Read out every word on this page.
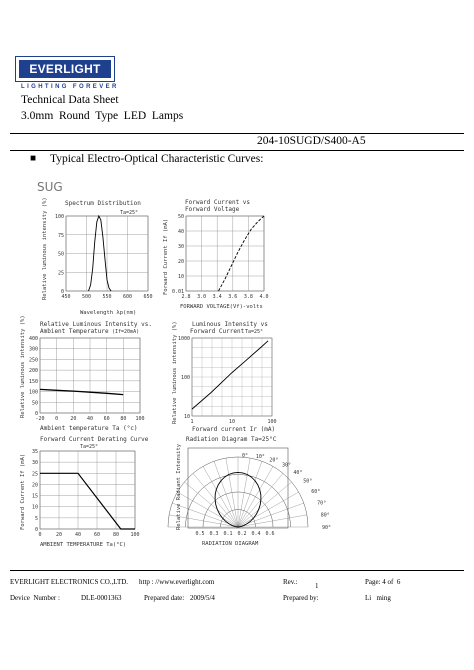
EVERLIGHT
LIGHTING FOREVER
Technical Data Sheet
3.0mm  Round  Type  LED  Lamps
204-10SUGD/S400-A5
■ Typical Electro-Optical Characteristic Curves:
SUG
Spectrum Distribution
Ta=25°
450 500 550 600 650
0
25
50
75
100
Wavelength λp(nm)
Relative luminous intensity (%)	Forward Current vs
Forward Voltage
2.8 3.0 3.4 3.6 3.8 4.0
0.01
10
20
30
40
50
FORWARD VOLTAGE(Vf)-volts
Forward Current If (mA)
Relative Luminous Intensity vs.
Ambient Temperature (If=20mA)
-20 0 20 40 60 80 100
0
50
100
150
200
250
300
400
Ambient temperature Ta (°c)
Relative luminous intensity (%)	Luminous Intensity vs
Forward Current Ta=25°
1	10	100
10
100
1000
Forward current Ir (mA)
Relative luminous intensity (%)
Forward Current Derating Curve
Ta=25°
0	20	40	60	80 100
0
5
10
15
20
25
30
35
AMBIENT TEMPERATURE Ta(°C)
Forward Current If (mA)
Radiation Diagram Ta=25°C
0° 10°
20°
30°
40°
50°
60°
70°
80°
90°
0.5 0.3 0.1 0.2 0.4 0.6
RADIATION DIAGRAM
Relative Radiant Intensity
EVERLIGHT ELECTRONICS CO.,LTD. http : //www.everlight.com	Rev.: 1	Page: 4 of  6
Device  Number :	DLE-0001363	Prepared date: 2009/5/4	Prepared by:	Li   ming
